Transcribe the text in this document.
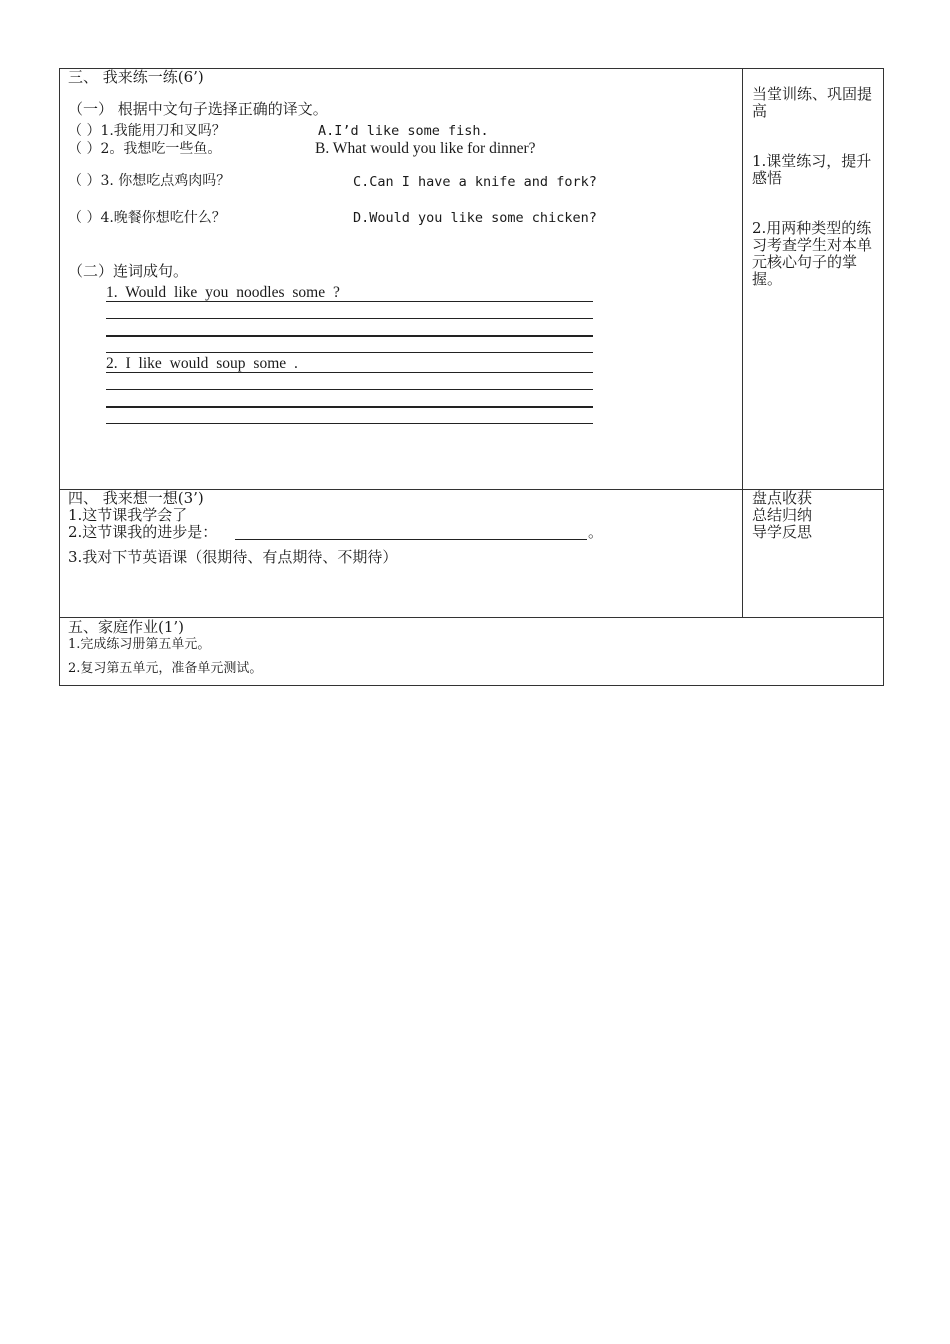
三、 我来练一练(6’)
（一） 根据中文句子选择正确的译文。
（ ）1.我能用刀和叉吗？	A.I’d like some fish.
（ ）2。我想吃一些鱼。	B. What would you like for dinner?
（ ）3. 你想吃点鸡肉吗？	C.Can I have a knife and fork?
（ ）4.晚餐你想吃什么？	D.Would you like some chicken?
（二）连词成句。
1. Would like you noodles some ?
2. I like would soup some .
当堂训练、巩固提高
1.课堂练习，提升感悟
2.用两种类型的练习考查学生对本单元核心句子的掌握。
四、 我来想一想(3’)
1.这节课我学会了
2.这节课我的进步是：	。
3.我对下节英语课（很期待、有点期待、不期待）
盘点收获
总结归纳
导学反思
五、家庭作业(1’)
1.完成练习册第五单元。
2.复习第五单元，准备单元测试。
